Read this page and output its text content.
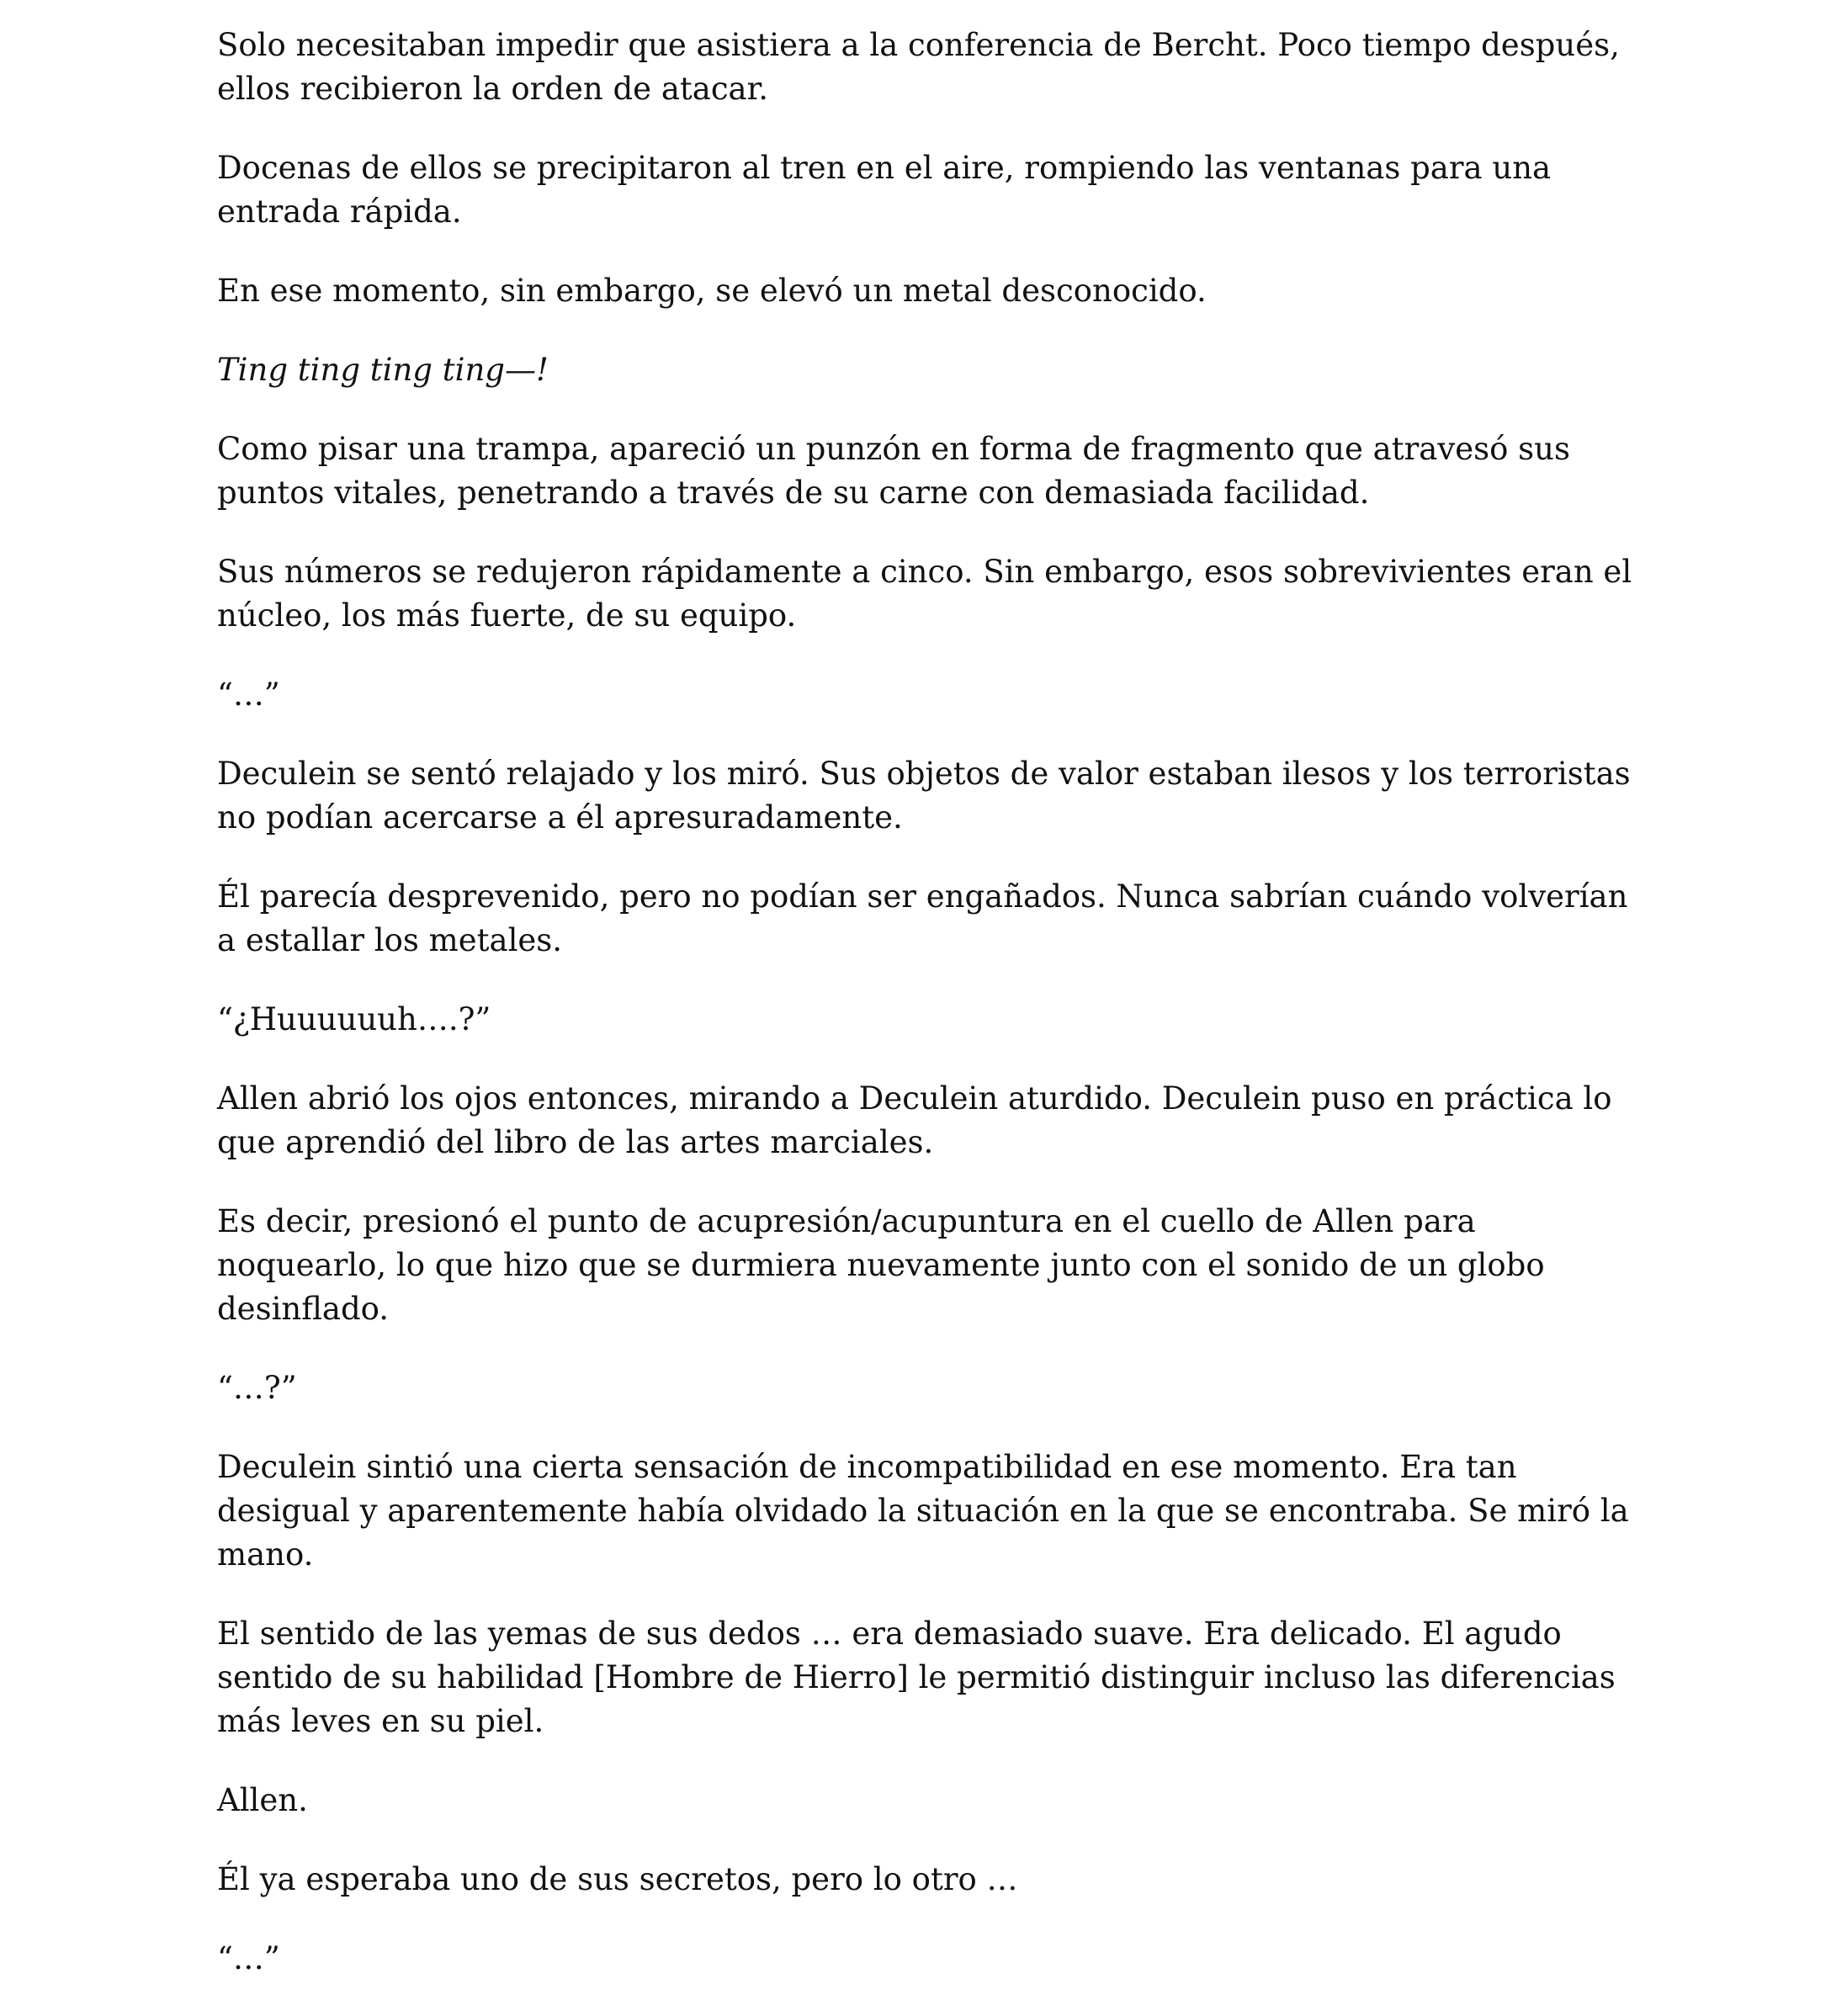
Solo necesitaban impedir que asistiera a la conferencia de Bercht. Poco tiempo después, ellos recibieron la orden de atacar.

Docenas de ellos se precipitaron al tren en el aire, rompiendo las ventanas para una entrada rápida.

En ese momento, sin embargo, se elevó un metal desconocido.

Ting ting ting ting—!

Como pisar una trampa, apareció un punzón en forma de fragmento que atravesó sus puntos vitales, penetrando a través de su carne con demasiada facilidad.

Sus números se redujeron rápidamente a cinco. Sin embargo, esos sobrevivientes eran el núcleo, los más fuerte, de su equipo.

“…”

Deculein se sentó relajado y los miró. Sus objetos de valor estaban ilesos y los terroristas no podían acercarse a él apresuradamente.

Él parecía desprevenido, pero no podían ser engañados. Nunca sabrían cuándo volverían a estallar los metales.

“¿Huuuuuuh….?”

Allen abrió los ojos entonces, mirando a Deculein aturdido. Deculein puso en práctica lo que aprendió del libro de las artes marciales.

Es decir, presionó el punto de acupresión/acupuntura en el cuello de Allen para noquearlo, lo que hizo que se durmiera nuevamente junto con el sonido de un globo desinflado.

“…?”

Deculein sintió una cierta sensación de incompatibilidad en ese momento. Era tan desigual y aparentemente había olvidado la situación en la que se encontraba. Se miró la mano.

El sentido de las yemas de sus dedos … era demasiado suave. Era delicado. El agudo sentido de su habilidad [Hombre de Hierro] le permitió distinguir incluso las diferencias más leves en su piel.

Allen.

Él ya esperaba uno de sus secretos, pero lo otro …

“…”
